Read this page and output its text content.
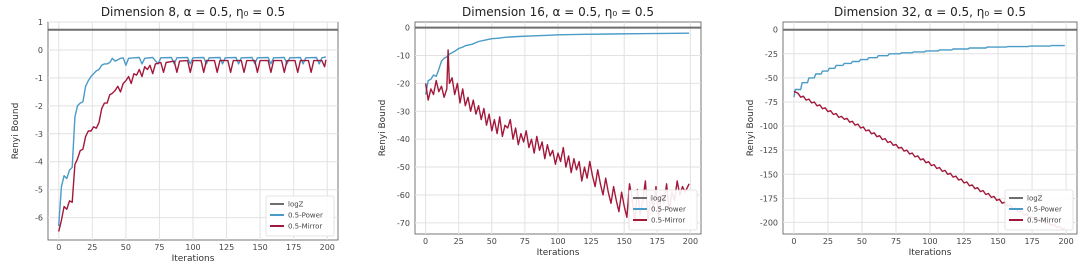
0	25	50	75	100 125 150 175 200
1
0
-1
-2
-3
-4
-5
-6
Dimension 8, α = 0.5, η₀ = 0.5
Iterations
Renyi Bound
logZ
0.5-Power
0.5-Mirror
0	25	50	75	100 125 150 175 200
0
-10
-20
-30
-40
-50
-60
-70
Dimension 16, α = 0.5, η₀ = 0.5
Iterations
Renyi Bound
logZ
0.5-Power
0.5-Mirror
0	25	50	75	100 125 150 175 200
0
-25
-50
-75
-100
-125
-150
-175
-200
Dimension 32, α = 0.5, η₀ = 0.5
Iterations
Renyi Bound
logZ
0.5-Power
0.5-Mirror
